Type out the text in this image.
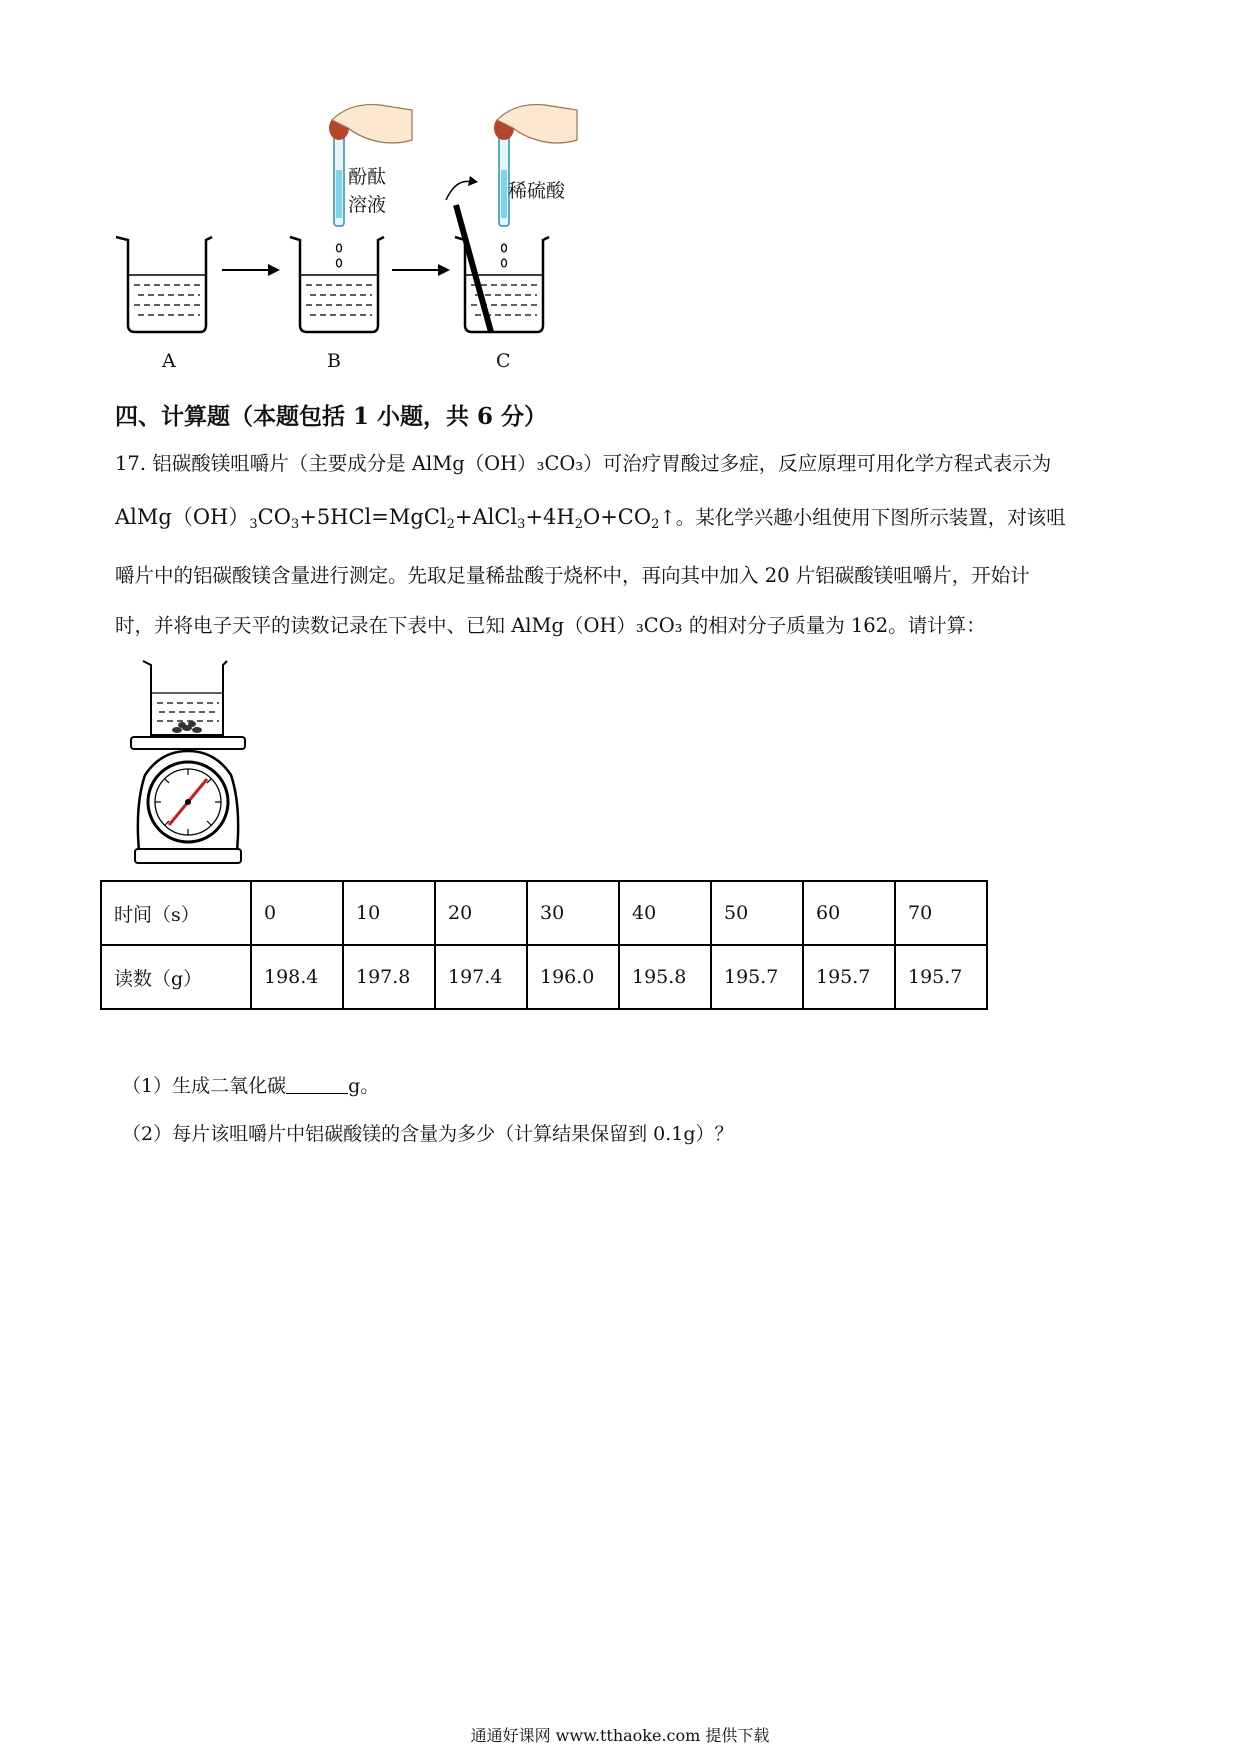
酚酞
溶液
稀硫酸
A	B	C
四、计算题（本题包括 1 小题，共 6 分）
17. 铝碳酸镁咀嚼片（主要成分是 AlMg（OH）₃CO₃）可治疗胃酸过多症，反应原理可用化学方程式表示为
$AlMg(OH)_3CO_3+5HCl=MgCl_2+AlCl_3+4H_2O+CO_2↑$。某化学兴趣小组使用下图所示装置，对该咀
嚼片中的铝碳酸镁含量进行测定。先取足量稀盐酸于烧杯中，再向其中加入 20 片铝碳酸镁咀嚼片，开始计
时，并将电子天平的读数记录在下表中、已知 AlMg（OH）₃CO₃ 的相对分子质量为 162。请计算：
时间（s）	0	10	20	30	40	50	60	70
读数（g）	198.4	197.8	197.4	196.0	195.8	195.7	195.7	195.7
（1）生成二氧化碳	g。
（2）每片该咀嚼片中铝碳酸镁的含量为多少（计算结果保留到 0.1g）？
通通好课网 www.tthaoke.com 提供下载
